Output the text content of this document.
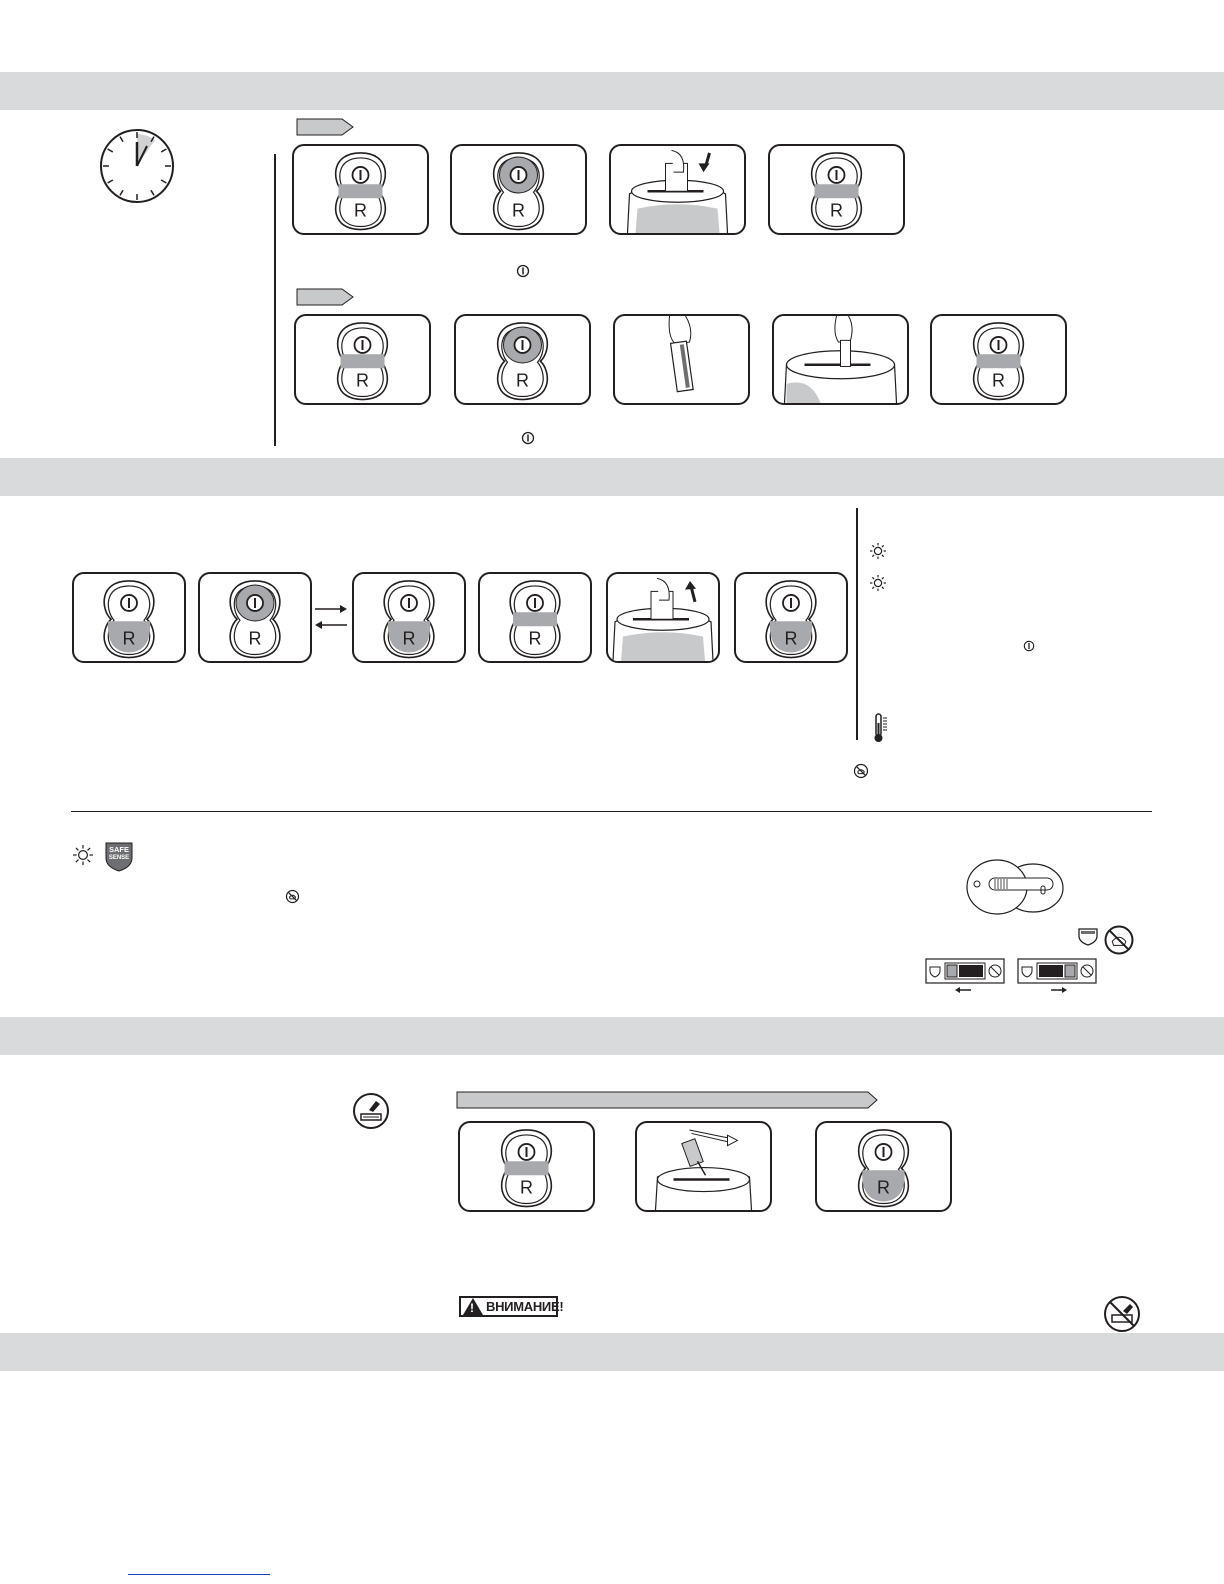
R	R	R
R	R	R
R	R	R	R	R
SAFE
SENSE
R	R
!
ВНИМАНИЕ!
